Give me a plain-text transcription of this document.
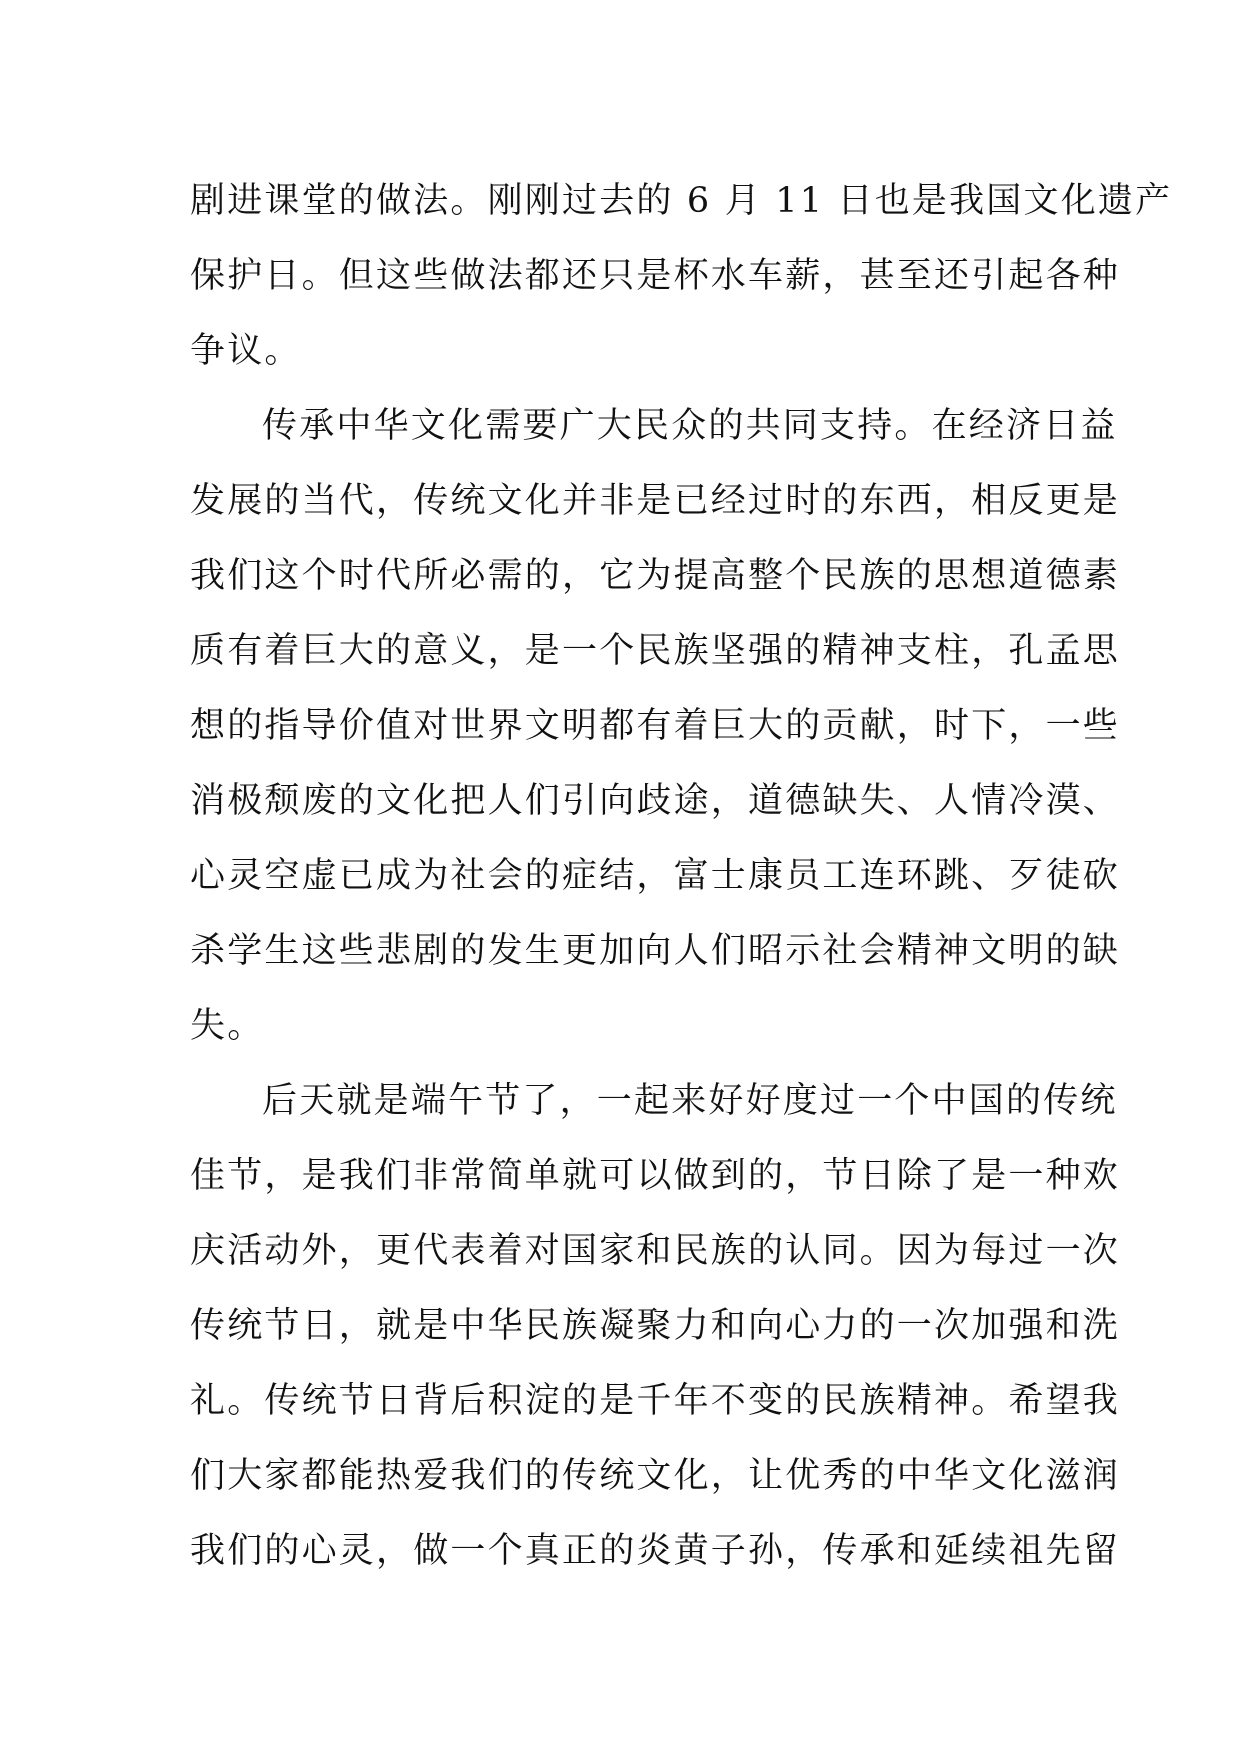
剧进课堂的做法。刚刚过去的 6 月 11 日也是我国文化遗产
保护日。但这些做法都还只是杯水车薪，甚至还引起各种
争议。
传承中华文化需要广大民众的共同支持。在经济日益
发展的当代，传统文化并非是已经过时的东西，相反更是
我们这个时代所必需的，它为提高整个民族的思想道德素
质有着巨大的意义，是一个民族坚强的精神支柱，孔孟思
想的指导价值对世界文明都有着巨大的贡献，时下，一些
消极颓废的文化把人们引向歧途，道德缺失、人情冷漠、
心灵空虚已成为社会的症结，富士康员工连环跳、歹徒砍
杀学生这些悲剧的发生更加向人们昭示社会精神文明的缺
失。
后天就是端午节了，一起来好好度过一个中国的传统
佳节，是我们非常简单就可以做到的，节日除了是一种欢
庆活动外，更代表着对国家和民族的认同。因为每过一次
传统节日，就是中华民族凝聚力和向心力的一次加强和洗
礼。传统节日背后积淀的是千年不变的民族精神。希望我
们大家都能热爱我们的传统文化，让优秀的中华文化滋润
我们的心灵，做一个真正的炎黄子孙，传承和延续祖先留
